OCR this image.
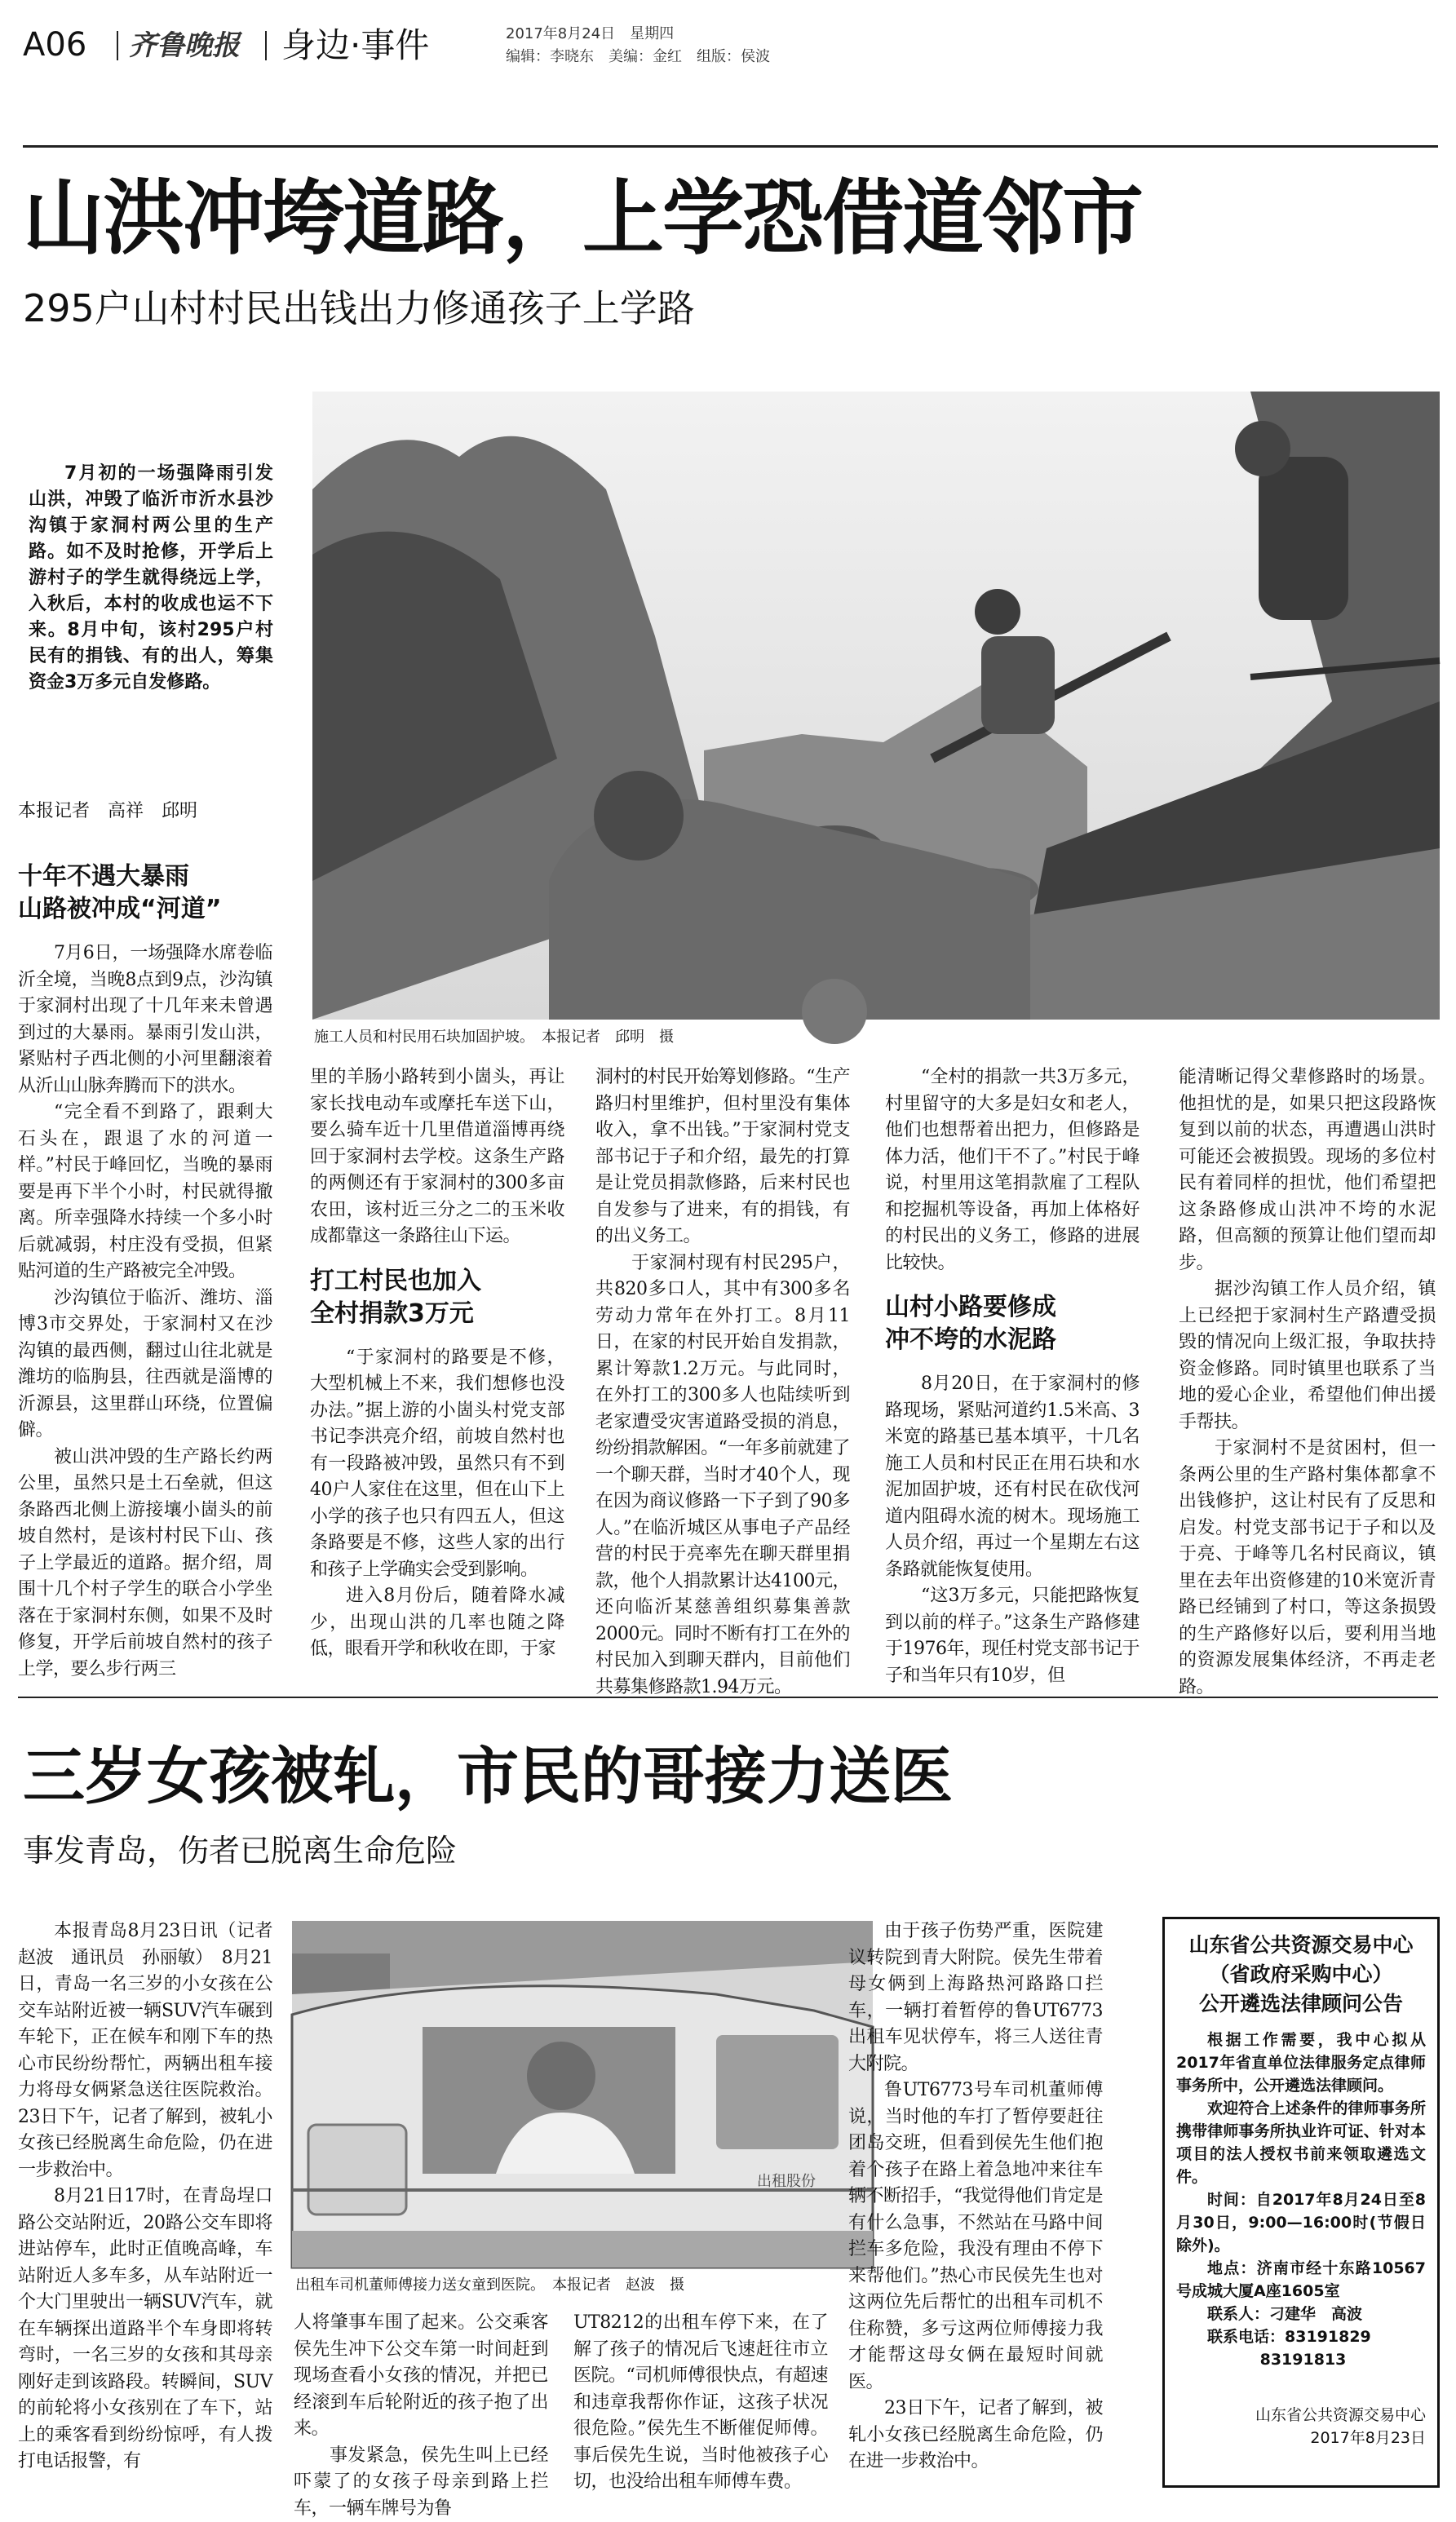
A06 齐鲁晚报 身边·事件	2017年8月24日　星期四
编辑：李晓东　美编：金红　组版：侯波
山洪冲垮道路，上学恐借道邻市
295户山村村民出钱出力修通孩子上学路
7月初的一场强降雨引发山洪，冲毁了临沂市沂水县沙沟镇于家洞村两公里的生产路。如不及时抢修，开学后上游村子的学生就得绕远上学，入秋后，本村的收成也运不下来。8月中旬，该村295户村民有的捐钱、有的出人，筹集资金3万多元自发修路。
本报记者　高祥　邱明
施工人员和村民用石块加固护坡。　本报记者　邱明　摄
十年不遇大暴雨
山路被冲成“河道”

7月6日，一场强降水席卷临沂全境，当晚8点到9点，沙沟镇于家洞村出现了十几年来未曾遇到过的大暴雨。暴雨引发山洪，紧贴村子西北侧的小河里翻滚着从沂山山脉奔腾而下的洪水。

“完全看不到路了，跟剩大石头在，跟退了水的河道一样。”村民于峰回忆，当晚的暴雨要是再下半个小时，村民就得撤离。所幸强降水持续一个多小时后就减弱，村庄没有受损，但紧贴河道的生产路被完全冲毁。

沙沟镇位于临沂、潍坊、淄博3市交界处，于家洞村又在沙沟镇的最西侧，翻过山往北就是潍坊的临朐县，往西就是淄博的沂源县，这里群山环绕，位置偏僻。

被山洪冲毁的生产路长约两公里，虽然只是土石垒就，但这条路西北侧上游接壤小崮头的前坡自然村，是该村村民下山、孩子上学最近的道路。据介绍，周围十几个村子学生的联合小学坐落在于家洞村东侧，如果不及时修复，开学后前坡自然村的孩子上学，要么步行两三

里的羊肠小路转到小崮头，再让家长找电动车或摩托车送下山，要么骑车近十几里借道淄博再绕回于家洞村去学校。这条生产路的两侧还有于家洞村的300多亩农田，该村近三分之二的玉米收成都靠这一条路往山下运。

打工村民也加入
全村捐款3万元

“于家洞村的路要是不修，大型机械上不来，我们想修也没办法。”据上游的小崮头村党支部书记李洪亮介绍，前坡自然村也有一段路被冲毁，虽然只有不到40户人家住在这里，但在山下上小学的孩子也只有四五人，但这条路要是不修，这些人家的出行和孩子上学确实会受到影响。

进入8月份后，随着降水减少，出现山洪的几率也随之降低，眼看开学和秋收在即，于家

洞村的村民开始筹划修路。“生产路归村里维护，但村里没有集体收入，拿不出钱。”于家洞村党支部书记于子和介绍，最先的打算是让党员捐款修路，后来村民也自发参与了进来，有的捐钱，有的出义务工。

于家洞村现有村民295户，共820多口人，其中有300多名劳动力常年在外打工。8月11日，在家的村民开始自发捐款，累计筹款1.2万元。与此同时，在外打工的300多人也陆续听到老家遭受灾害道路受损的消息，纷纷捐款解困。“一年多前就建了一个聊天群，当时才40个人，现在因为商议修路一下子到了90多人。”在临沂城区从事电子产品经营的村民于亮率先在聊天群里捐款，他个人捐款累计达4100元，还向临沂某慈善组织募集善款2000元。同时不断有打工在外的村民加入到聊天群内，目前他们共募集修路款1.94万元。

“全村的捐款一共3万多元，村里留守的大多是妇女和老人，他们也想帮着出把力，但修路是体力活，他们干不了。”村民于峰说，村里用这笔捐款雇了工程队和挖掘机等设备，再加上体格好的村民出的义务工，修路的进展比较快。

山村小路要修成
冲不垮的水泥路

8月20日，在于家洞村的修路现场，紧贴河道约1.5米高、3米宽的路基已基本填平，十几名施工人员和村民正在用石块和水泥加固护坡，还有村民在砍伐河道内阻碍水流的树木。现场施工人员介绍，再过一个星期左右这条路就能恢复使用。

“这3万多元，只能把路恢复到以前的样子。”这条生产路修建于1976年，现任村党支部书记于子和当年只有10岁，但

能清晰记得父辈修路时的场景。他担忧的是，如果只把这段路恢复到以前的状态，再遭遇山洪时可能还会被损毁。现场的多位村民有着同样的担忧，他们希望把这条路修成山洪冲不垮的水泥路，但高额的预算让他们望而却步。

据沙沟镇工作人员介绍，镇上已经把于家洞村生产路遭受损毁的情况向上级汇报，争取扶持资金修路。同时镇里也联系了当地的爱心企业，希望他们伸出援手帮扶。

于家洞村不是贫困村，但一条两公里的生产路村集体都拿不出钱修护，这让村民有了反思和启发。村党支部书记于子和以及于亮、于峰等几名村民商议，镇里在去年出资修建的10米宽沂青路已经铺到了村口，等这条损毁的生产路修好以后，要利用当地的资源发展集体经济，不再走老路。

三岁女孩被轧，市民的哥接力送医
事发青岛，伤者已脱离生命危险
出租股份
出租车司机董师傅接力送女童到医院。　本报记者　赵波　摄

本报青岛8月23日讯（记者　赵波　通讯员　孙丽敏）　8月21日，青岛一名三岁的小女孩在公交车站附近被一辆SUV汽车碾到车轮下，正在候车和刚下车的热心市民纷纷帮忙，两辆出租车接力将母女俩紧急送往医院救治。23日下午，记者了解到，被轧小女孩已经脱离生命危险，仍在进一步救治中。

8月21日17时，在青岛埕口路公交站附近，20路公交车即将进站停车，此时正值晚高峰，车站附近人多车多，从车站附近一个大门里驶出一辆SUV汽车，就在车辆探出道路半个车身即将转弯时，一名三岁的女孩和其母亲刚好走到该路段。转瞬间，SUV的前轮将小女孩别在了车下，站上的乘客看到纷纷惊呼，有人拨打电话报警，有

人将肇事车围了起来。公交乘客侯先生冲下公交车第一时间赶到现场查看小女孩的情况，并把已经滚到车后轮附近的孩子抱了出来。

事发紧急，侯先生叫上已经吓蒙了的女孩子母亲到路上拦车，一辆车牌号为鲁

UT8212的出租车停下来，在了解了孩子的情况后飞速赶往市立医院。“司机师傅很快点，有超速和违章我帮你作证，这孩子状况很危险。”侯先生不断催促师傅。事后侯先生说，当时他被孩子心切，也没给出租车师傅车费。

由于孩子伤势严重，医院建议转院到青大附院。侯先生带着母女俩到上海路热河路路口拦车，一辆打着暂停的鲁UT6773出租车见状停车，将三人送往青大附院。

鲁UT6773号车司机董师傅说，当时他的车打了暂停要赶往团岛交班，但看到侯先生他们抱着个孩子在路上着急地冲来往车辆不断招手，“我觉得他们肯定是有什么急事，不然站在马路中间拦车多危险，我没有理由不停下来帮他们。”热心市民侯先生也对这两位先后帮忙的出租车司机不住称赞，多亏这两位师傅接力我才能帮这母女俩在最短时间就医。

23日下午，记者了解到，被轧小女孩已经脱离生命危险，仍在进一步救治中。

山东省公共资源交易中心
（省政府采购中心）
公开遴选法律顾问公告
根据工作需要，我中心拟从2017年省直单位法律服务定点律师事务所中，公开遴选法律顾问。
欢迎符合上述条件的律师事务所携带律师事务所执业许可证、针对本项目的法人授权书前来领取遴选文件。
时间：自2017年8月24日至8月30日，9:00—16:00时(节假日除外)。
地点：济南市经十东路10567号成城大厦A座1605室
联系人：刁建华　高波
联系电话：83191829
83191813
山东省公共资源交易中心
2017年8月23日
